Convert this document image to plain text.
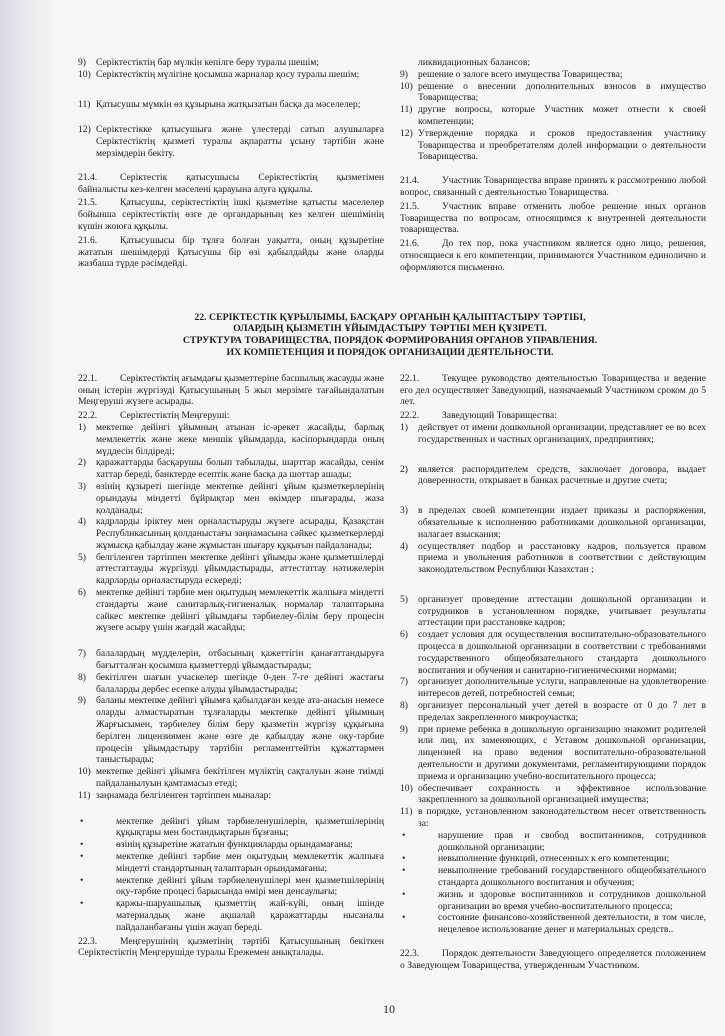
9) Серіктестіктің бар мүлкін кепілге беру туралы шешім;
10) Серіктестіктің мүлігіне қосымша жарналар қосу туралы шешім;
11) Қатысушы мүмкін өз құзырына жатқызатын басқа да мәселелер;
12) Серіктестікке қатысушыға және үлестерді сатып алушыларға Серіктестіктің қызметі туралы ақпаратты ұсыну тәртібін және мерзімдерін бекіту.
21.4. Серіктестік қатысушысы Серіктестіктің қызметімен байналысты кез-келген мәселені қарауына алуға құқылы.
21.5. Қатысушы, серіктестіктің ішкі қызметіне қатысты мәселелер бойынша серіктестіктің өзге де органдарының кез келген шешімінің күшін жоюға құқылы.
21.6. Қатысушысы бір тұлға болған уақытта, оның құзыретіне жататын шешімдерді Қатысушы бір өзі қабылдайды және оларды жазбаша түрде рәсімдейді.
ликвидационных балансов;
9) решение о залоге всего имущества Товарищества;
10) решение о внесении дополнительных взносов в имущество Товарищества;
11) другие вопросы, которые Участник может отнести к своей компетенции;
12) Утверждение порядка и сроков предоставления участнику Товарищества и преобретателям долей информации о деятельности Товарищества.
21.4. Участник Товарищества вправе принять к рассмотрению любой вопрос, связанный с деятельностью Товарищества.
21.5. Участник вправе отменить любое решение иных органов Товарищества по вопросам, относящимся к внутренней деятельности товарищества.
21.6. До тех пор, пока участником является одно лицо, решения, относящиеся к его компетенции, принимаются Участником единолично и оформляются письменно.
22. СЕРІКТЕСТІК ҚҰРЫЛЫМЫ, БАСҚАРУ ОРГАНЫН ҚАЛЫПТАСТЫРУ ТӘРТІБІ,
ОЛАРДЫҢ ҚЫЗМЕТІН ҰЙЫМДАСТЫРУ ТӘРТІБІ МЕН ҚҰЗІРЕТІ.
СТРУКТУРА ТОВАРИЩЕСТВА, ПОРЯДОК ФОРМИРОВАНИЯ ОРГАНОВ УПРАВЛЕНИЯ.
ИХ КОМПЕТЕНЦИЯ И ПОРЯДОК ОРГАНИЗАЦИИ ДЕЯТЕЛЬНОСТИ.
22.1. Серіктестіктің ағымдағы қызметтеріне басшылық жасауды және оның істерін жүргізуді Қатысушының 5 жыл мерзімге тағайындалатын Меңгеруші жүзеге асырады.
22.2. Серіктестіктің Меңгеруші:
1) мектепке дейінгі ұйымның атынан іс-әрекет жасайды, барлық мемлекеттік және жеке меншік ұйымдарда, кәсіпорындарда оның мүддесін білдіреді;
2) қаражаттарды басқарушы болып табылады, шарттар жасайды, сенім хаттар береді, банктерде есептік және басқа да шоттар ашады;
3) өзінің құзыреті шегінде мектепке дейінгі ұйым қызметкерлерінің орындауы міндетті бұйрықтар мен өкімдер шығарады, жаза қолданады;
4) кадрларды іріктеу мен орналастыруды жүзеге асырады, Қазақстан Республикасының қолданыстағы заңнамасына сәйкес қызметкерлерді жұмысқа қабылдау және жұмыстан шығару құқығын пайдаланады;
5) белгіленген тәртіппен мектепке дейінгі ұйымды және қызметшілерді аттестаттауды жүргізуді ұйымдастырады, аттестаттау нәтижелерін кадрларды орналастыруда ескереді;
6) мектепке дейінгі тәрбие мен оқытудың мемлекеттік жалпыға міндетті стандарты және санитарлық-гигиеналық нормалар талаптарына сәйкес мектепке дейінгі ұйымдағы тәрбиелеу-білім беру процесін жүзеге асыру үшін жағдай жасайды;
7) балалардың мүдделерін, отбасының қажеттігін қанағаттандыруға бағытталған қосымша қызметтерді ұйымдастырады;
8) бекітілген шағын учаскелер шегінде 0-ден 7-ге дейінгі жастағы балаларды дербес есепке алуды ұйымдастырады;
9) баланы мектепке дейінгі ұйымға қабылдаған кезде ата-анасын немесе оларды алмастыратын тұлғаларды мектепке дейінгі ұйымның Жарғысымен, тәрбиелеу білім беру қызметін жүргізу құқығына берілген лицензиямен және өзге де қабылдау және оқу-тәрбие процесін ұйымдастыру тәртібін регламенттейтін құжаттармен таныстырады;
10) мектепке дейінгі ұйымға бекітілген мүліктің сақталуын және тиімді пайдаланылуын қамтамасыз етеді;
11) заңнамада белгіленген тәртіппен мыналар:
•	мектепке дейінгі ұйым тәрбиеленушілерін, қызметшілерінің құқықтары мен бостандықтарын бұзғаны;
•	өзінің құзыретіне жататын функцияларды орындамағаны;
•	мектепке дейінгі тәрбие мен оқытудың мемлекеттік жалпыға міндетті стандартының талаптарын орындамағаны;
•	мектепке дейінгі ұйым тәрбиеленушілері мен қызметшілерінің оқу-тәрбие процесі барысында өмірі мен денсаулығы;
•	қаржы-шаруашылық қызметтің жай-күйі, оның ішінде материалдық және ақшалай қаражаттарды нысаналы пайдаланбағаны үшін жауап береді.
22.3. Меңгерушінің қызметінің тәртібі Қатысушының бекіткен Серіктестіктің Меңгерушіде туралы Ережемен анықталады.
22.1. Текущее руководство деятельностью Товарищества и ведение его дел осуществляет Заведующий, назначаемый Участником сроком до 5 лет.
22.2. Заведующий Товарищества:
1) действует от имени дошкольной организации, представляет ее во всех государственных и частных организациях, предприятиях;
2) является распорядителем средств, заключает договора, выдает доверенности, открывает в банках расчетные и другие счета;
3) в пределах своей компетенции издает приказы и распоряжения, обязательные к исполнению работниками дошкольной организации, налагает взыскания;
4) осуществляет подбор и расстановку кадров, пользуется правом приема и увольнения работников в соответствии с действующим законодательством Республики Казахстан ;
5) организует проведение аттестации дошкольной организации и сотрудников в установленном порядке, учитывает результаты аттестации при расстановке кадров;
6) создает условия для осуществления воспитательно-образовательного процесса в дошкольной организации в соответствии с требованиями государственного общеобязательного стандарта дошкольного воспитания и обучения и санитарно-гигиеническими нормами;
7) организует дополнительные услуги, направленные на удовлетворение интересов детей, потребностей семьи;
8) организует персональный учет детей в возрасте от 0 до 7 лет в пределах закрепленного микроучастка;
9) при приеме ребенка в дошкольную организацию знакомит родителей или лиц, их заменяющих, с Уставом дошкольной организации, лицензией на право ведения воспитательно-образовательной деятельности и другими документами, регламентирующими порядок приема и организацию учебно-воспитательного процесса;
10) обеспечивает сохранность и эффективное использование закрепленного за дошкольной организацией имущества;
11) в порядке, установленном законодательством несет ответственность за:
•	нарушение прав и свобод воспитанников, сотрудников дошкольной организации;
•	невыполнение функций, отнесенных к его компетенции;
•	невыполнение требований государственного общеобязательного стандарта дошкольного воспитания и обучения;
•	жизнь и здоровье воспитанников и сотрудников дошкольной организации во время учебно-воспитательного процесса;
•	состояние финансово-хозяйственной деятельности, в том числе, нецелевое использование денег и материальных средств..
22.3. Порядок деятельности Заведующего определяется положением о Заведующем Товарищества, утвержденным Участником.
10
